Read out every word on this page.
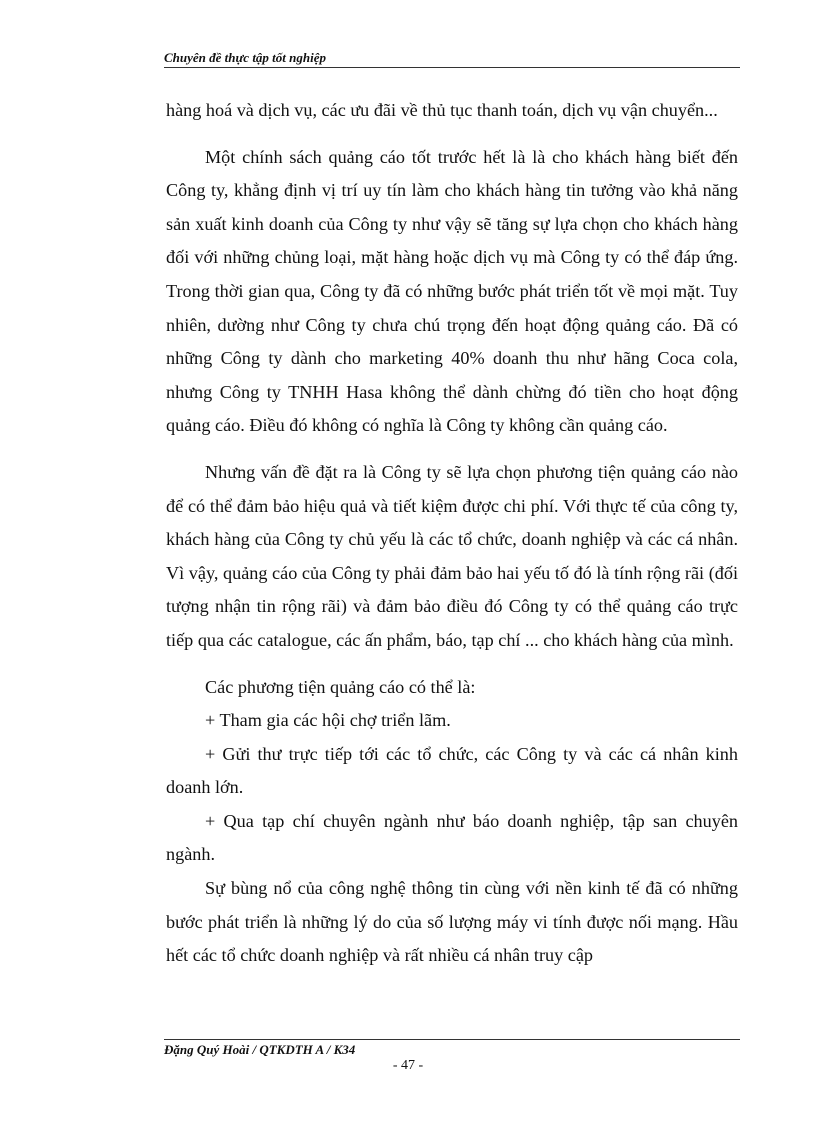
Chuyên đề thực tập tốt nghiệp

hàng hoá và dịch vụ, các ưu đãi về thủ tục thanh toán, dịch vụ vận chuyển...

Một chính sách quảng cáo tốt trước hết là là cho khách hàng biết đến Công ty, khẳng định vị trí uy tín làm cho khách hàng tin tưởng vào khả năng sản xuất kinh doanh của Công ty như vậy sẽ tăng sự lựa chọn cho khách hàng đối với những chủng loại, mặt hàng hoặc dịch vụ mà Công ty có thể đáp ứng. Trong thời gian qua, Công ty đã có những bước phát triển tốt về mọi mặt. Tuy nhiên, dường như Công ty chưa chú trọng đến hoạt động quảng cáo. Đã có những Công ty dành cho marketing 40% doanh thu như hãng Coca cola, nhưng Công ty TNHH Hasa không thể dành chừng đó tiền cho hoạt động quảng cáo. Điều đó không có nghĩa là Công ty không cần quảng cáo.

Nhưng vấn đề đặt ra là Công ty sẽ lựa chọn phương tiện quảng cáo nào để có thể đảm bảo hiệu quả và tiết kiệm được chi phí. Với thực tế của công ty, khách hàng của Công ty chủ yếu là các tổ chức, doanh nghiệp và các cá nhân. Vì vậy, quảng cáo của Công ty phải đảm bảo hai yếu tố đó là tính rộng rãi (đối tượng nhận tin rộng rãi) và đảm bảo điều đó Công ty có thể quảng cáo trực tiếp qua các catalogue, các ấn phẩm, báo, tạp chí ... cho khách hàng của mình.

Các phương tiện quảng cáo có thể là:

+ Tham gia các hội chợ triển lãm.

+ Gửi thư trực tiếp tới các tổ chức, các Công ty và các cá nhân kinh doanh lớn.

+ Qua tạp chí chuyên ngành như báo doanh nghiệp, tập san chuyên ngành.

Sự bùng nổ của công nghệ thông tin cùng với nền kinh tế đã có những bước phát triển là những lý do của số lượng máy vi tính được nối mạng. Hầu hết các tổ chức doanh nghiệp và rất nhiều cá nhân truy cập

Đặng Quý Hoài / QTKDTH A / K34
- 47 -
